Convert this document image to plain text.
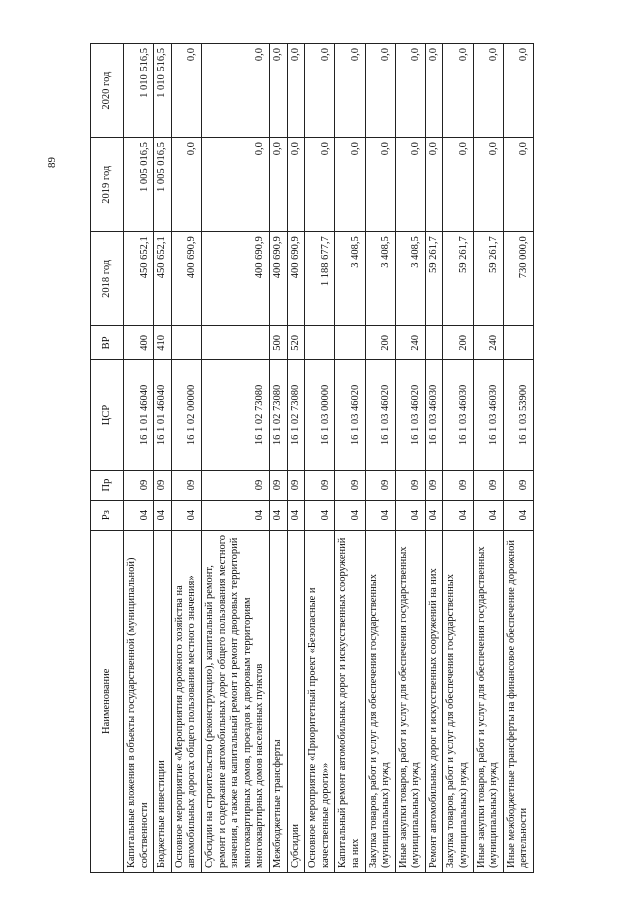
89
Наименование	Рз	Пр	ЦСР	ВР	2018 год	2019 год	2020 год
Капитальные вложения в объекты государственной (муниципальной) собственности	04	09	16 1 01 46040	400	450 652,1	1 005 016,5	1 010 516,5
Бюджетные инвестиции	04	09	16 1 01 46040	410	450 652,1	1 005 016,5	1 010 516,5
Основное мероприятие «Мероприятия дорожного хозяйства на автомобильных дорогах общего пользования местного значения»	04	09	16 1 02 00000		400 690,9	0,0	0,0
Субсидии на строительство (реконструкцию), капитальный ремонт, ремонт и содержание автомобильных дорог общего пользования местного значения, а также на капитальный ремонт и ремонт дворовых территорий многоквартирных домов, проездов к дворовым территориям многоквартирных домов населенных пунктов	04	09	16 1 02 73080		400 690,9	0,0	0,0
Межбюджетные трансферты	04	09	16 1 02 73080	500	400 690,9	0,0	0,0
Субсидии	04	09	16 1 02 73080	520	400 690,9	0,0	0,0
Основное мероприятие «Приоритетный проект «Безопасные и качественные дороги»»	04	09	16 1 03 00000		1 188 677,7	0,0	0,0
Капитальный ремонт автомобильных дорог и искусственных сооружений на них	04	09	16 1 03 46020		3 408,5	0,0	0,0
Закупка товаров, работ и услуг для обеспечения государственных (муниципальных) нужд	04	09	16 1 03 46020	200	3 408,5	0,0	0,0
Иные закупки товаров, работ и услуг для обеспечения государственных (муниципальных) нужд	04	09	16 1 03 46020	240	3 408,5	0,0	0,0
Ремонт автомобильных дорог и искусственных сооружений на них	04	09	16 1 03 46030		59 261,7	0,0	0,0
Закупка товаров, работ и услуг для обеспечения государственных (муниципальных) нужд	04	09	16 1 03 46030	200	59 261,7	0,0	0,0
Иные закупки товаров, работ и услуг для обеспечения государственных (муниципальных) нужд	04	09	16 1 03 46030	240	59 261,7	0,0	0,0
Иные межбюджетные трансферты на финансовое обеспечение дорожной деятельности	04	09	16 1 03 53900		730 000,0	0,0	0,0
